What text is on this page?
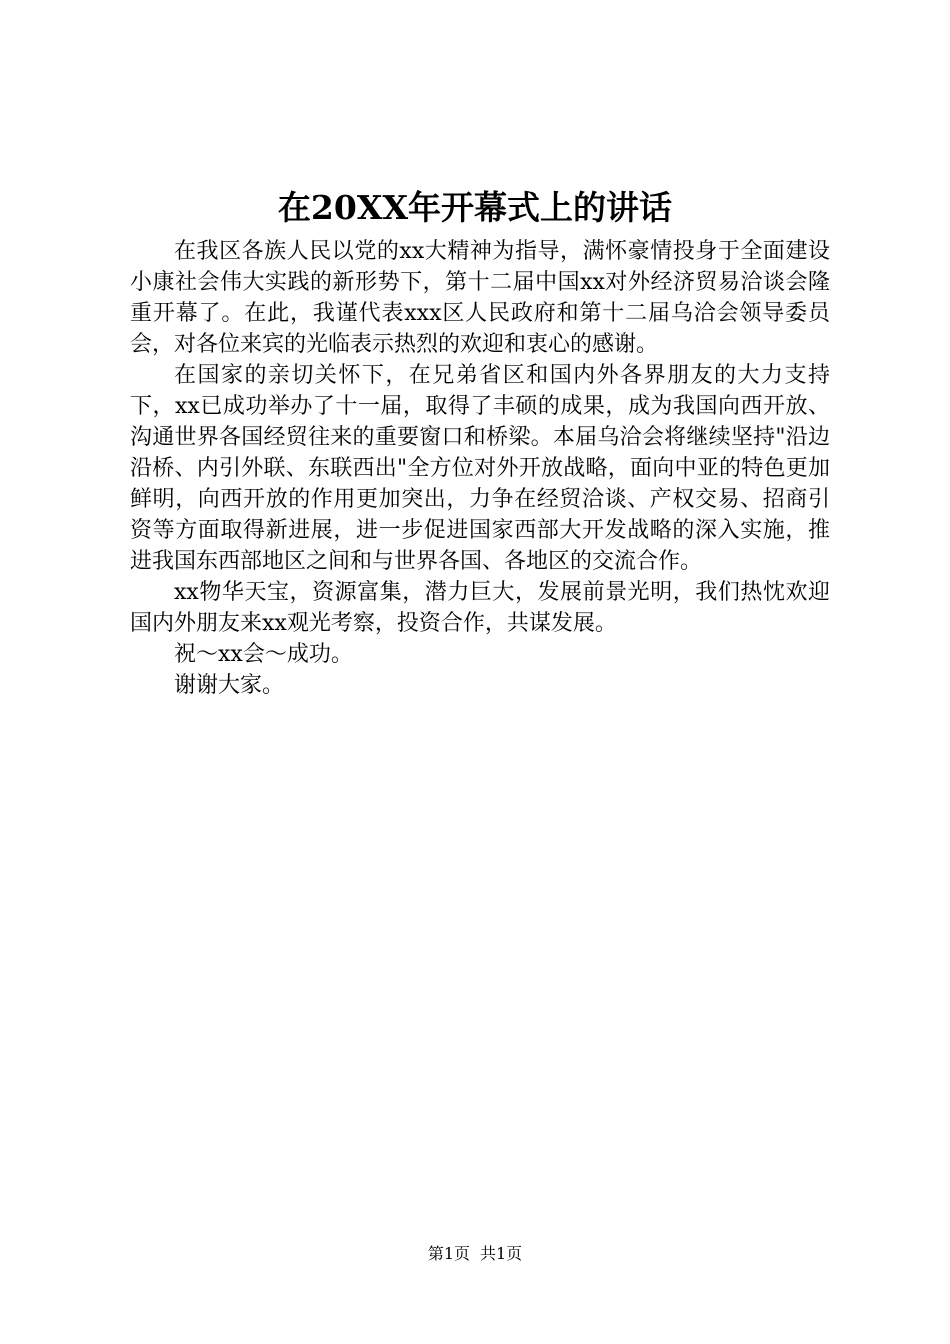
在20XX年开幕式上的讲话

在我区各族人民以党的xx大精神为指导，满怀豪情投身于全面建设小康社会伟大实践的新形势下，第十二届中国xx对外经济贸易洽谈会隆重开幕了。在此，我谨代表xxx区人民政府和第十二届乌洽会领导委员会，对各位来宾的光临表示热烈的欢迎和衷心的感谢。

在国家的亲切关怀下，在兄弟省区和国内外各界朋友的大力支持下，xx已成功举办了十一届，取得了丰硕的成果，成为我国向西开放、沟通世界各国经贸往来的重要窗口和桥梁。本届乌洽会将继续坚持"沿边沿桥、内引外联、东联西出"全方位对外开放战略，面向中亚的特色更加鲜明，向西开放的作用更加突出，力争在经贸洽谈、产权交易、招商引资等方面取得新进展，进一步促进国家西部大开发战略的深入实施，推进我国东西部地区之间和与世界各国、各地区的交流合作。

xx物华天宝，资源富集，潜力巨大，发展前景光明，我们热忱欢迎国内外朋友来xx观光考察，投资合作，共谋发展。

祝～xx会～成功。

谢谢大家。

第1页 共1页
